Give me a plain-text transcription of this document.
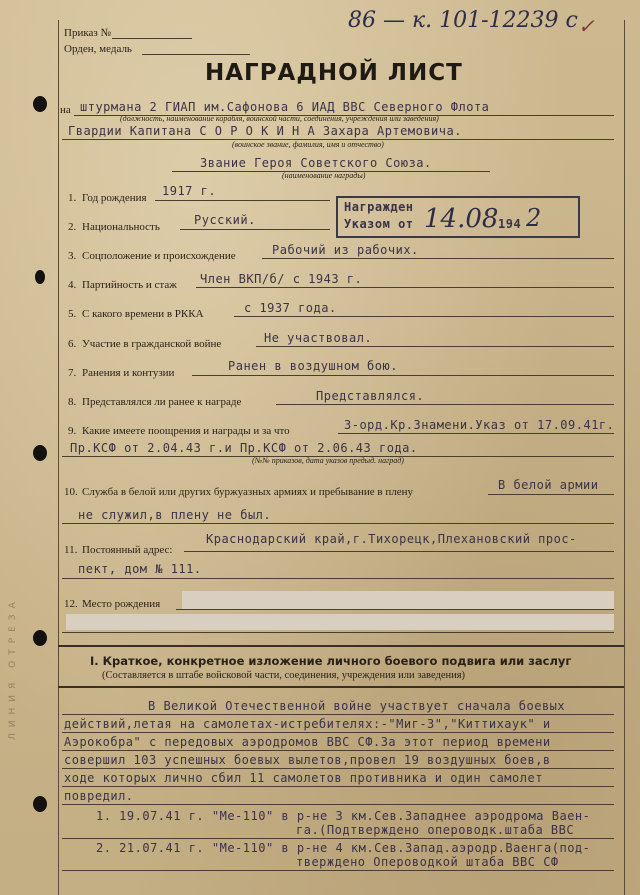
ЛИНИЯ ОТРЕЗА
Приказ №
Орден, медаль
86 — к. 101-12239 с ✓
НАГРАДНОЙ ЛИСТ
на штурмана 2 ГИАП им.Сафонова 6 ИАД ВВС Северного Флота
(должность, наименование корабля, воинской части, соединения, учреждения или заведения)
Гвардии Капитана С О Р О К И Н А Захара Артемовича.
(воинское звание, фамилия, имя и отчество)
Звание Героя Советского Союза.
(наименование награды)
Награжден
Указом от 14.08 194 2
1. Год рождения 1917 г.
2. Национальность	Русский.
3. Соцположение и происхождение	Рабочий из рабочих.
4. Партийность и стаж Член ВКП/б/ с 1943 г.
5. С какого времени в РККА	с 1937 года.
6. Участие в гражданской войне	Не участвовал.
7. Ранения и контузии	Ранен в воздушном бою.
8. Представлялся ли ранее к награде	Представлялся.
9. Какие имеете поощрения и награды и за что	3-орд.Кр.Знамени.Указ от 17.09.41г.
Пр.КСФ от 2.04.43 г.и Пр.КСФ от 2.06.43 года.
(№№ приказов, дата указов предыд. наград)
10. Служба в белой или других буржуазных армиях и пребывание в плену	В белой армии
не служил,в плену не был.
11. Постоянный адрес:
Краснодарский край,г.Тихорецк,Плехановский прос-
пект, дом № 111.
12. Место рождения
I. Краткое, конкретное изложение личного боевого подвига или заслуг
(Составляется в штабе войсковой части, соединения, учреждения или заведения)
В Великой Отечественной войне участвует сначала боевых
действий,летая на самолетах-истребителях:-"Миг-3","Киттихаук" и
Аэрокобра" с передовых аэродромов ВВС СФ.За этот период времени
совершил 103 успешных боевых вылетов,провел 19 воздушных боев,в
ходе которых лично сбил 11 самолетов противника и один самолет
повредил.
1. 19.07.41 г. "Ме-110" в р-не 3 км.Сев.Западнее аэродрома Ваен-
га.(Подтверждено опероводк.штаба ВВС
2. 21.07.41 г. "Ме-110" в р-не 4 км.Сев.Запад.аэродр.Ваенга(под-
тверждено Опероводкой штаба ВВС СФ
